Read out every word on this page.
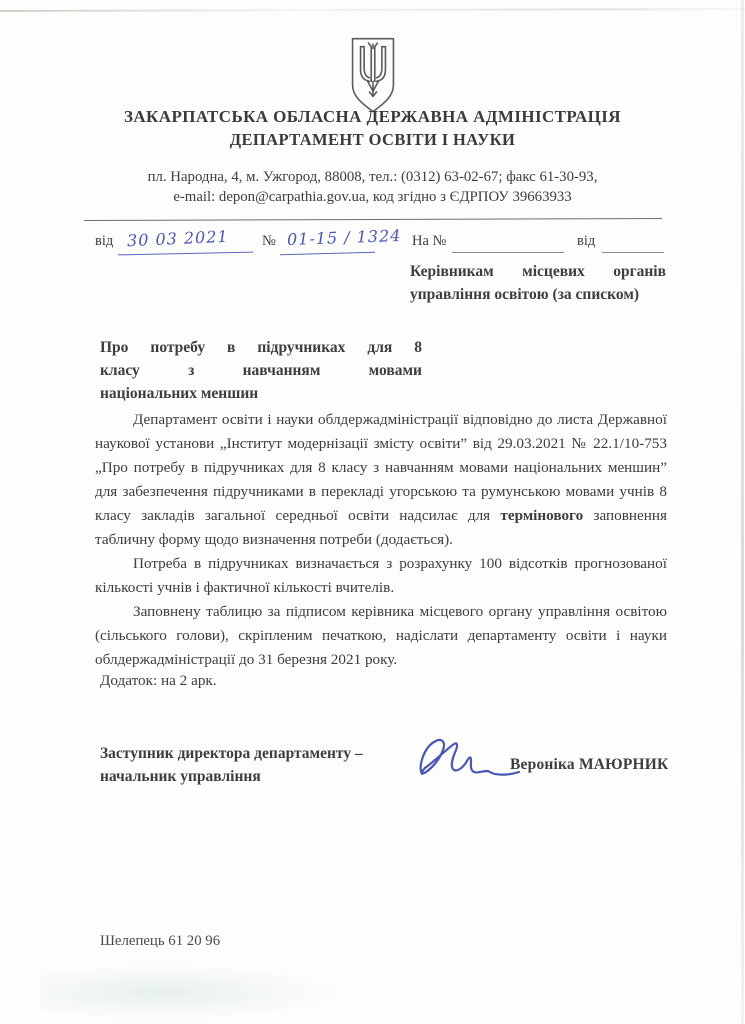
ЗАКАРПАТСЬКА ОБЛАСНА ДЕРЖАВНА АДМІНІСТРАЦІЯ
ДЕПАРТАМЕНТ ОСВІТИ І НАУКИ
пл. Народна, 4, м. Ужгород, 88008, тел.: (0312) 63-02-67; факс 61-30-93,
e-mail: depon@carpathia.gov.ua, код згідно з ЄДРПОУ 39663933
від 30 03 2021 № 01-15 / 1324 На №	від
Керівникам місцевих органів
управління освітою (за списком)
Про потребу в підручниках для 8
класу з навчанням мовами
національних меншин

Департамент освіти і науки облдержадміністрації відповідно до листа Державної наукової установи „Інститут модернізації змісту освіти” від 29.03.2021 № 22.1/10-753 „Про потребу в підручниках для 8 класу з навчанням мовами національних меншин” для забезпечення підручниками в перекладі угорською та румунською мовами учнів 8 класу закладів загальної середньої освіти надсилає для термінового заповнення табличну форму щодо визначення потреби (додається).

Потреба в підручниках визначається з розрахунку 100 відсотків прогнозованої кількості учнів і фактичної кількості вчителів.

Заповнену таблицю за підписом керівника місцевого органу управління освітою (сільського голови), скріпленим печаткою, надіслати департаменту освіти і науки облдержадміністрації до 31 березня 2021 року.

Додаток: на 2 арк.
Заступник директора департаменту –
начальник управління
Вероніка МАЮРНИК
Шелепець 61 20 96
